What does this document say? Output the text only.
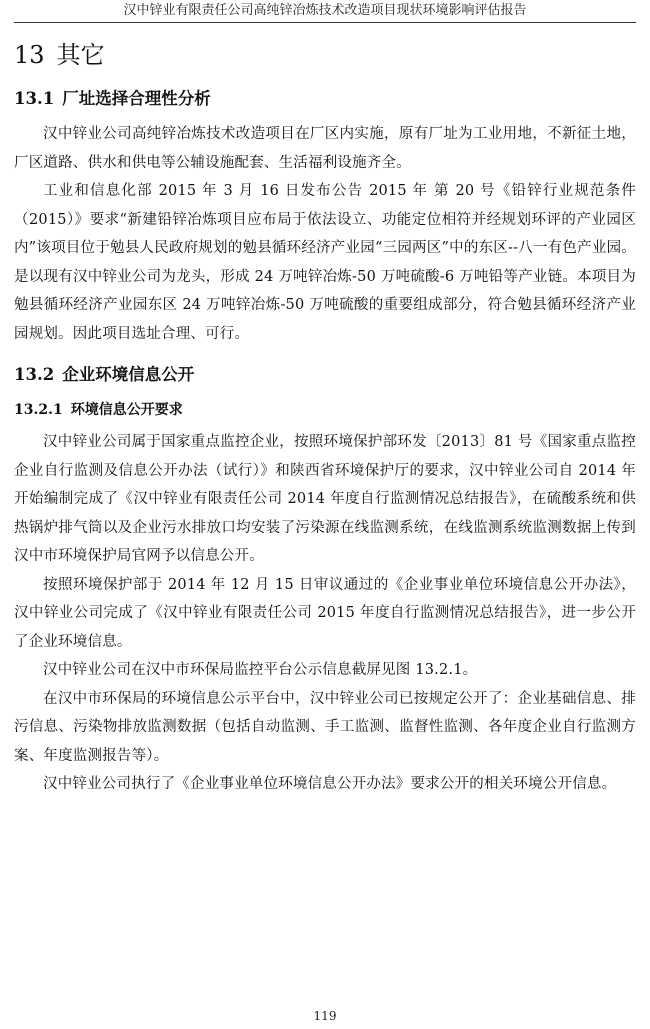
汉中锌业有限责任公司高纯锌冶炼技术改造项目现状环境影响评估报告
13 其它
13.1 厂址选择合理性分析

汉中锌业公司高纯锌冶炼技术改造项目在厂区内实施，原有厂址为工业用地，不新征土地，厂区道路、供水和供电等公辅设施配套、生活福利设施齐全。

工业和信息化部 2015 年 3 月 16 日发布公告 2015 年 第 20 号《铅锌行业规范条件（2015）》要求“新建铅锌冶炼项目应布局于依法设立、功能定位相符并经规划环评的产业园区内”该项目位于勉县人民政府规划的勉县循环经济产业园“三园两区”中的东区--八一有色产业园。是以现有汉中锌业公司为龙头，形成 24 万吨锌冶炼-50 万吨硫酸-6 万吨铅等产业链。本项目为勉县循环经济产业园东区 24 万吨锌冶炼-50 万吨硫酸的重要组成部分，符合勉县循环经济产业园规划。因此项目选址合理、可行。

13.2 企业环境信息公开
13.2.1 环境信息公开要求

汉中锌业公司属于国家重点监控企业，按照环境保护部环发〔2013〕81 号《国家重点监控企业自行监测及信息公开办法（试行）》和陕西省环境保护厅的要求，汉中锌业公司自 2014 年开始编制完成了《汉中锌业有限责任公司 2014 年度自行监测情况总结报告》，在硫酸系统和供热锅炉排气筒以及企业污水排放口均安装了污染源在线监测系统，在线监测系统监测数据上传到汉中市环境保护局官网予以信息公开。

按照环境保护部于 2014 年 12 月 15 日审议通过的《企业事业单位环境信息公开办法》，汉中锌业公司完成了《汉中锌业有限责任公司 2015 年度自行监测情况总结报告》，进一步公开了企业环境信息。

汉中锌业公司在汉中市环保局监控平台公示信息截屏见图 13.2.1。

在汉中市环保局的环境信息公示平台中，汉中锌业公司已按规定公开了：企业基础信息、排污信息、污染物排放监测数据（包括自动监测、手工监测、监督性监测、各年度企业自行监测方案、年度监测报告等）。

汉中锌业公司执行了《企业事业单位环境信息公开办法》要求公开的相关环境公开信息。

119
